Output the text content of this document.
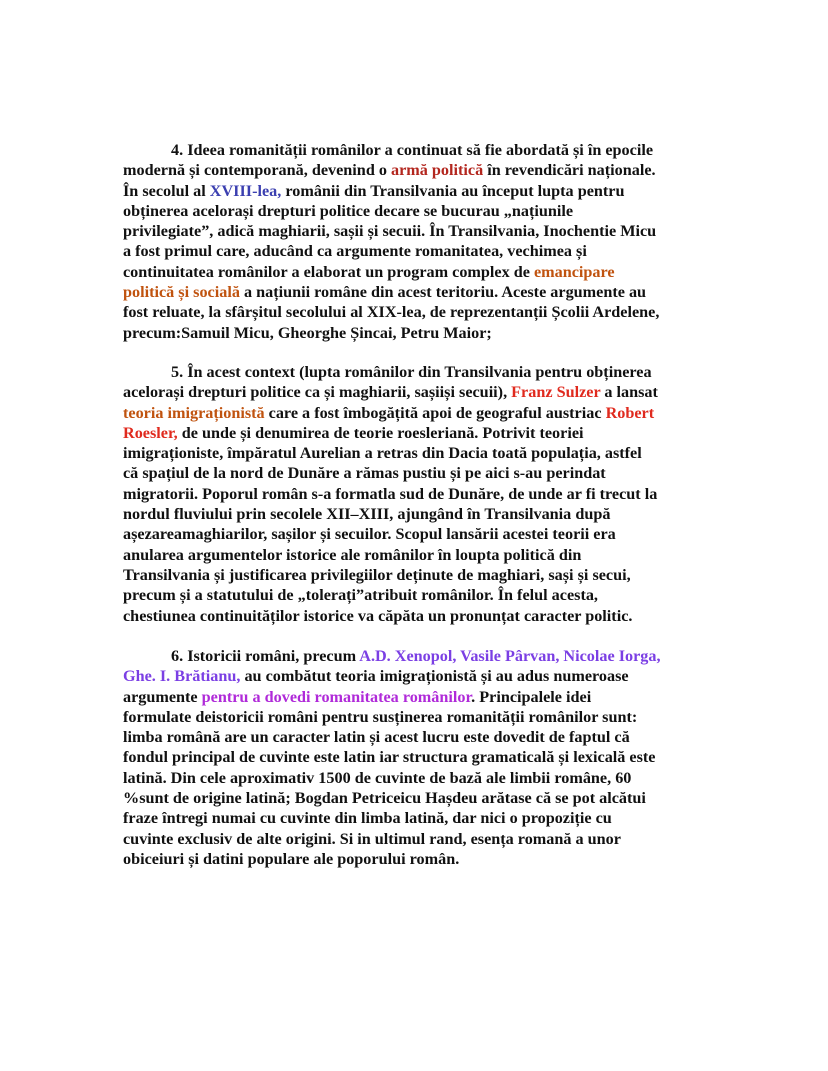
4. Ideea romanității românilor a continuat să fie abordată și în epocile
modernă și contemporană, devenind o armă politică în revendicări naționale.
În secolul al XVIII-lea, românii din Transilvania au început lupta pentru
obținerea acelorași drepturi politice decare se bucurau „națiunile
privilegiate”, adică maghiarii, sașii și secuii. În Transilvania, Inochentie Micu
a fost primul care, aducând ca argumente romanitatea, vechimea și
continuitatea românilor a elaborat un program complex de emancipare
politică și socială a națiunii române din acest teritoriu. Aceste argumente au
fost reluate, la sfârșitul secolului al XIX-lea, de reprezentanții Școlii Ardelene,
precum:Samuil Micu, Gheorghe Șincai, Petru Maior;
5. În acest context (lupta românilor din Transilvania pentru obținerea
acelorași drepturi politice ca și maghiarii, sașiiși secuii), Franz Sulzer a lansat
teoria imigraționistă care a fost îmbogățită apoi de geograful austriac Robert
Roesler, de unde și denumirea de teorie roesleriană. Potrivit teoriei
imigraționiste, împăratul Aurelian a retras din Dacia toată populația, astfel
că spațiul de la nord de Dunăre a rămas pustiu și pe aici s-au perindat
migratorii. Poporul român s-a formatla sud de Dunăre, de unde ar fi trecut la
nordul fluviului prin secolele XII–XIII, ajungând în Transilvania după
așezareamaghiarilor, sașilor și secuilor. Scopul lansării acestei teorii era
anularea argumentelor istorice ale românilor în loupta politică din
Transilvania și justificarea privilegiilor deținute de maghiari, sași și secui,
precum și a statutului de „tolerați”atribuit românilor. În felul acesta,
chestiunea continuităților istorice va căpăta un pronunțat caracter politic.
6. Istoricii români, precum A.D. Xenopol, Vasile Pârvan, Nicolae Iorga,
Ghe. I. Brătianu, au combătut teoria imigraționistă și au adus numeroase
argumente pentru a dovedi romanitatea românilor. Principalele idei
formulate deistoricii români pentru susținerea romanității românilor sunt:
limba română are un caracter latin și acest lucru este dovedit de faptul că
fondul principal de cuvinte este latin iar structura gramaticală și lexicală este
latină. Din cele aproximativ 1500 de cuvinte de bază ale limbii române, 60
%sunt de origine latină; Bogdan Petriceicu Hașdeu arătase că se pot alcătui
fraze întregi numai cu cuvinte din limba latină, dar nici o propoziție cu
cuvinte exclusiv de alte origini. Si in ultimul rand, esența romană a unor
obiceiuri și datini populare ale poporului român.
